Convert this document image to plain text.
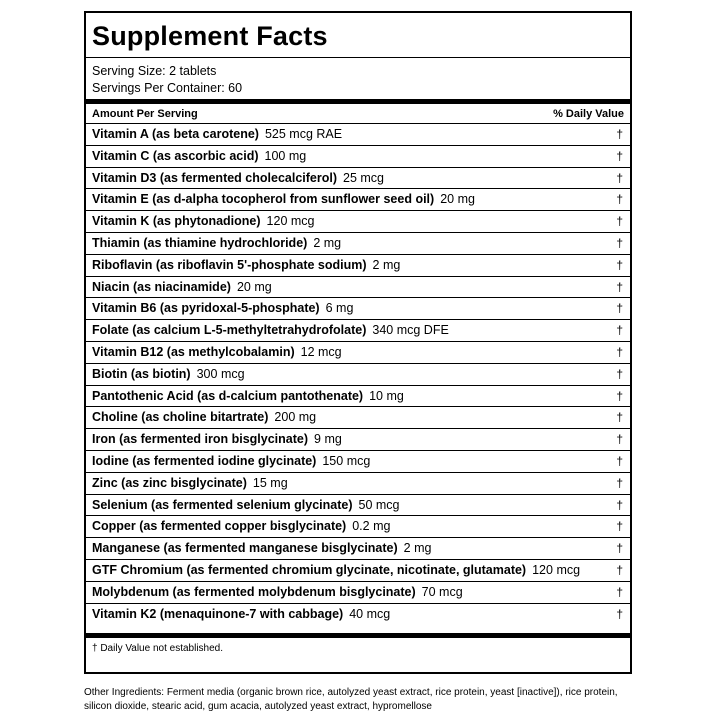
Supplement Facts
Serving Size: 2 tablets
Servings Per Container: 60
Amount Per Serving	% Daily Value
Vitamin A (as beta carotene) 525 mcg RAE	†
Vitamin C (as ascorbic acid) 100 mg	†
Vitamin D3 (as fermented cholecalciferol) 25 mcg	†
Vitamin E (as d-alpha tocopherol from sunflower seed oil) 20 mg	†
Vitamin K (as phytonadione) 120 mcg	†
Thiamin (as thiamine hydrochloride) 2 mg	†
Riboflavin (as riboflavin 5'-phosphate sodium) 2 mg	†
Niacin (as niacinamide) 20 mg	†
Vitamin B6 (as pyridoxal-5-phosphate) 6 mg	†
Folate (as calcium L-5-methyltetrahydrofolate) 340 mcg DFE	†
Vitamin B12 (as methylcobalamin) 12 mcg	†
Biotin (as biotin) 300 mcg	†
Pantothenic Acid (as d-calcium pantothenate) 10 mg	†
Choline (as choline bitartrate) 200 mg	†
Iron (as fermented iron bisglycinate) 9 mg	†
Iodine (as fermented iodine glycinate) 150 mcg	†
Zinc (as zinc bisglycinate) 15 mg	†
Selenium (as fermented selenium glycinate) 50 mcg	†
Copper (as fermented copper bisglycinate) 0.2 mg	†
Manganese (as fermented manganese bisglycinate) 2 mg	†
GTF Chromium (as fermented chromium glycinate, nicotinate, glutamate) 120 mcg	†
Molybdenum (as fermented molybdenum bisglycinate) 70 mcg	†
Vitamin K2 (menaquinone-7 with cabbage) 40 mcg	†
† Daily Value not established.
Other Ingredients: Ferment media (organic brown rice, autolyzed yeast extract, rice protein, yeast [inactive]), rice protein, silicon dioxide, stearic acid, gum acacia, autolyzed yeast extract, hypromellose
